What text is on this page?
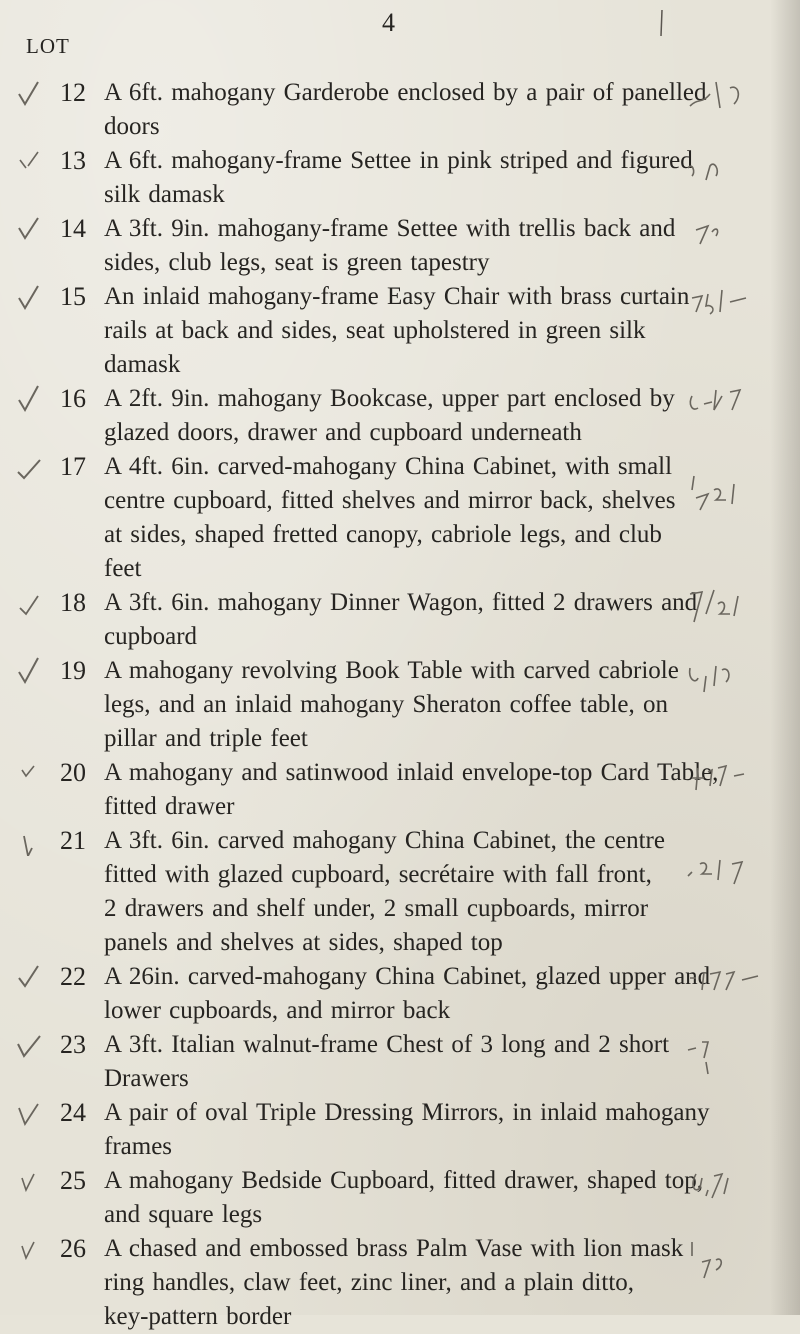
4
LOT
12 A 6ft. mahogany Garderobe enclosed by a pair of panelled
doors
13 A 6ft. mahogany-frame Settee in pink striped and figured
silk damask
14 A 3ft. 9in. mahogany-frame Settee with trellis back and
sides, club legs, seat is green tapestry
15 An inlaid mahogany-frame Easy Chair with brass curtain
rails at back and sides, seat upholstered in green silk
damask
16 A 2ft. 9in. mahogany Bookcase, upper part enclosed by
glazed doors, drawer and cupboard underneath
17 A 4ft. 6in. carved-mahogany China Cabinet, with small
centre cupboard, fitted shelves and mirror back, shelves
at sides, shaped fretted canopy, cabriole legs, and club
feet
18 A 3ft. 6in. mahogany Dinner Wagon, fitted 2 drawers and
cupboard
19 A mahogany revolving Book Table with carved cabriole
legs, and an inlaid mahogany Sheraton coffee table, on
pillar and triple feet
20 A mahogany and satinwood inlaid envelope-top Card Table,
fitted drawer
21 A 3ft. 6in. carved mahogany China Cabinet, the centre
fitted with glazed cupboard, secrétaire with fall front,
2 drawers and shelf under, 2 small cupboards, mirror
panels and shelves at sides, shaped top
22 A 26in. carved-mahogany China Cabinet, glazed upper and
lower cupboards, and mirror back
23 A 3ft. Italian walnut-frame Chest of 3 long and 2 short
Drawers
24 A pair of oval Triple Dressing Mirrors, in inlaid mahogany
frames
25 A mahogany Bedside Cupboard, fitted drawer, shaped top,
and square legs
26 A chased and embossed brass Palm Vase with lion mask
ring handles, claw feet, zinc liner, and a plain ditto,
key-pattern border
